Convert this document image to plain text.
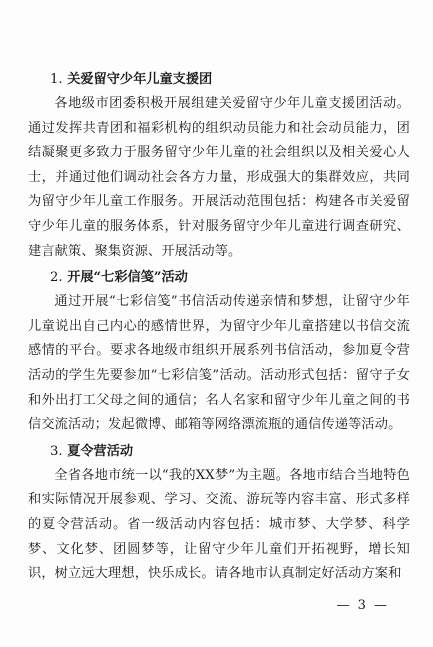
1. 关爱留守少年儿童支援团

各地级市团委积极开展组建关爱留守少年儿童支援团活动。通过发挥共青团和福彩机构的组织动员能力和社会动员能力，团结凝聚更多致力于服务留守少年儿童的社会组织以及相关爱心人士，并通过他们调动社会各方力量，形成强大的集群效应，共同为留守少年儿童工作服务。开展活动范围包括：构建各市关爱留守少年儿童的服务体系，针对服务留守少年儿童进行调查研究、建言献策、聚集资源、开展活动等。

2. 开展“七彩信笺”活动

通过开展“七彩信笺”书信活动传递亲情和梦想，让留守少年儿童说出自己内心的感情世界，为留守少年儿童搭建以书信交流感情的平台。要求各地级市组织开展系列书信活动，参加夏令营活动的学生先要参加“七彩信笺”活动。活动形式包括：留守子女和外出打工父母之间的通信；名人名家和留守少年儿童之间的书信交流活动；发起微博、邮箱等网络漂流瓶的通信传递等活动。

3. 夏令营活动

全省各地市统一以“我的XX梦”为主题。各地市结合当地特色和实际情况开展参观、学习、交流、游玩等内容丰富、形式多样的夏令营活动。省一级活动内容包括：城市梦、大学梦、科学梦、文化梦、团圆梦等，让留守少年儿童们开拓视野，增长知识，树立远大理想，快乐成长。请各地市认真制定好活动方案和

— 3 —
